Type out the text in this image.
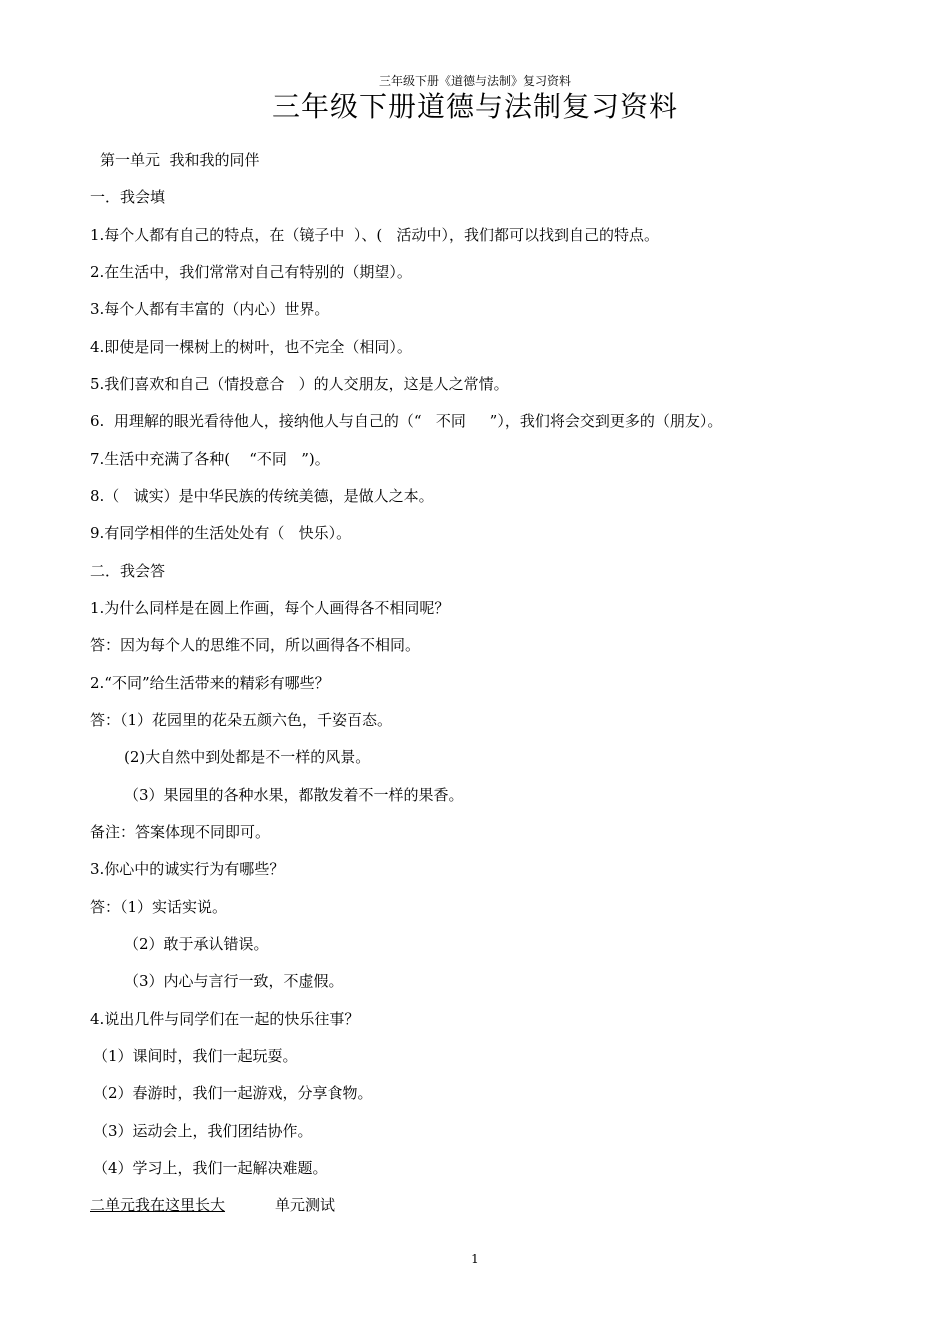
三年级下册《道德与法制》复习资料
三年级下册道德与法制复习资料
第一单元  我和我的同伴
一．我会填
1.每个人都有自己的特点，在（镜子中  ）、(   活动中），我们都可以找到自己的特点。
2.在生活中，我们常常对自己有特别的（期望）。
3.每个人都有丰富的（内心）世界。
4.即使是同一棵树上的树叶，也不完全（相同）。
5.我们喜欢和自己（情投意合   ）的人交朋友，这是人之常情。
6.  用理解的眼光看待他人，接纳他人与自己的（“   不同     ”），我们将会交到更多的（朋友）。
7.生活中充满了各种(    “不同   ”)。
8.（   诚实）是中华民族的传统美德，是做人之本。
9.有同学相伴的生活处处有（   快乐）。
二．我会答
1.为什么同样是在圆上作画，每个人画得各不相同呢？
答：因为每个人的思维不同，所以画得各不相同。
2.“不同”给生活带来的精彩有哪些？
答：（1）花园里的花朵五颜六色，千姿百态。
(2)大自然中到处都是不一样的风景。
（3）果园里的各种水果，都散发着不一样的果香。
备注：答案体现不同即可。
3.你心中的诚实行为有哪些？
答：（1）实话实说。
（2）敢于承认错误。
（3）内心与言行一致，不虚假。
4.说出几件与同学们在一起的快乐往事？
（1）课间时，我们一起玩耍。
（2）春游时，我们一起游戏，分享食物。
（3）运动会上，我们团结协作。
（4）学习上，我们一起解决难题。
二单元我在这里长大	单元测试
1
